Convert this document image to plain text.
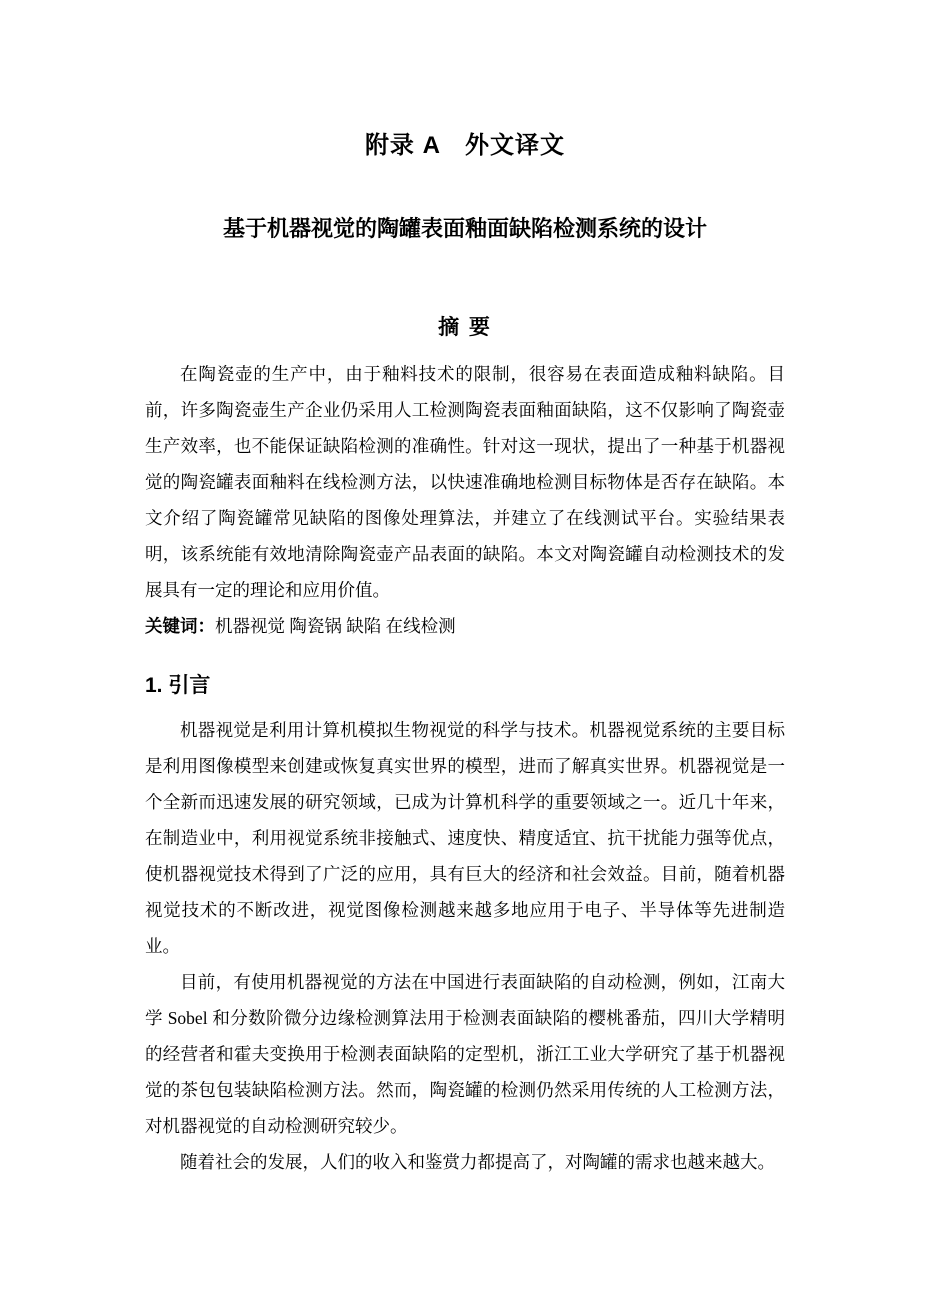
附录 A　外文译文
基于机器视觉的陶罐表面釉面缺陷检测系统的设计
摘 要

在陶瓷壶的生产中，由于釉料技术的限制，很容易在表面造成釉料缺陷。目前，许多陶瓷壶生产企业仍采用人工检测陶瓷表面釉面缺陷，这不仅影响了陶瓷壶生产效率，也不能保证缺陷检测的准确性。针对这一现状，提出了一种基于机器视觉的陶瓷罐表面釉料在线检测方法，以快速准确地检测目标物体是否存在缺陷。本文介绍了陶瓷罐常见缺陷的图像处理算法，并建立了在线测试平台。实验结果表明，该系统能有效地清除陶瓷壶产品表面的缺陷。本文对陶瓷罐自动检测技术的发展具有一定的理论和应用价值。

关键词：机器视觉 陶瓷锅 缺陷 在线检测

1. 引言

机器视觉是利用计算机模拟生物视觉的科学与技术。机器视觉系统的主要目标是利用图像模型来创建或恢复真实世界的模型，进而了解真实世界。机器视觉是一个全新而迅速发展的研究领域，已成为计算机科学的重要领域之一。近几十年来，在制造业中，利用视觉系统非接触式、速度快、精度适宜、抗干扰能力强等优点，使机器视觉技术得到了广泛的应用，具有巨大的经济和社会效益。目前，随着机器视觉技术的不断改进，视觉图像检测越来越多地应用于电子、半导体等先进制造业。

目前，有使用机器视觉的方法在中国进行表面缺陷的自动检测，例如，江南大学 Sobel 和分数阶微分边缘检测算法用于检测表面缺陷的樱桃番茄，四川大学精明的经营者和霍夫变换用于检测表面缺陷的定型机，浙江工业大学研究了基于机器视觉的茶包包装缺陷检测方法。然而，陶瓷罐的检测仍然采用传统的人工检测方法，对机器视觉的自动检测研究较少。

随着社会的发展，人们的收入和鉴赏力都提高了，对陶罐的需求也越来越大。
